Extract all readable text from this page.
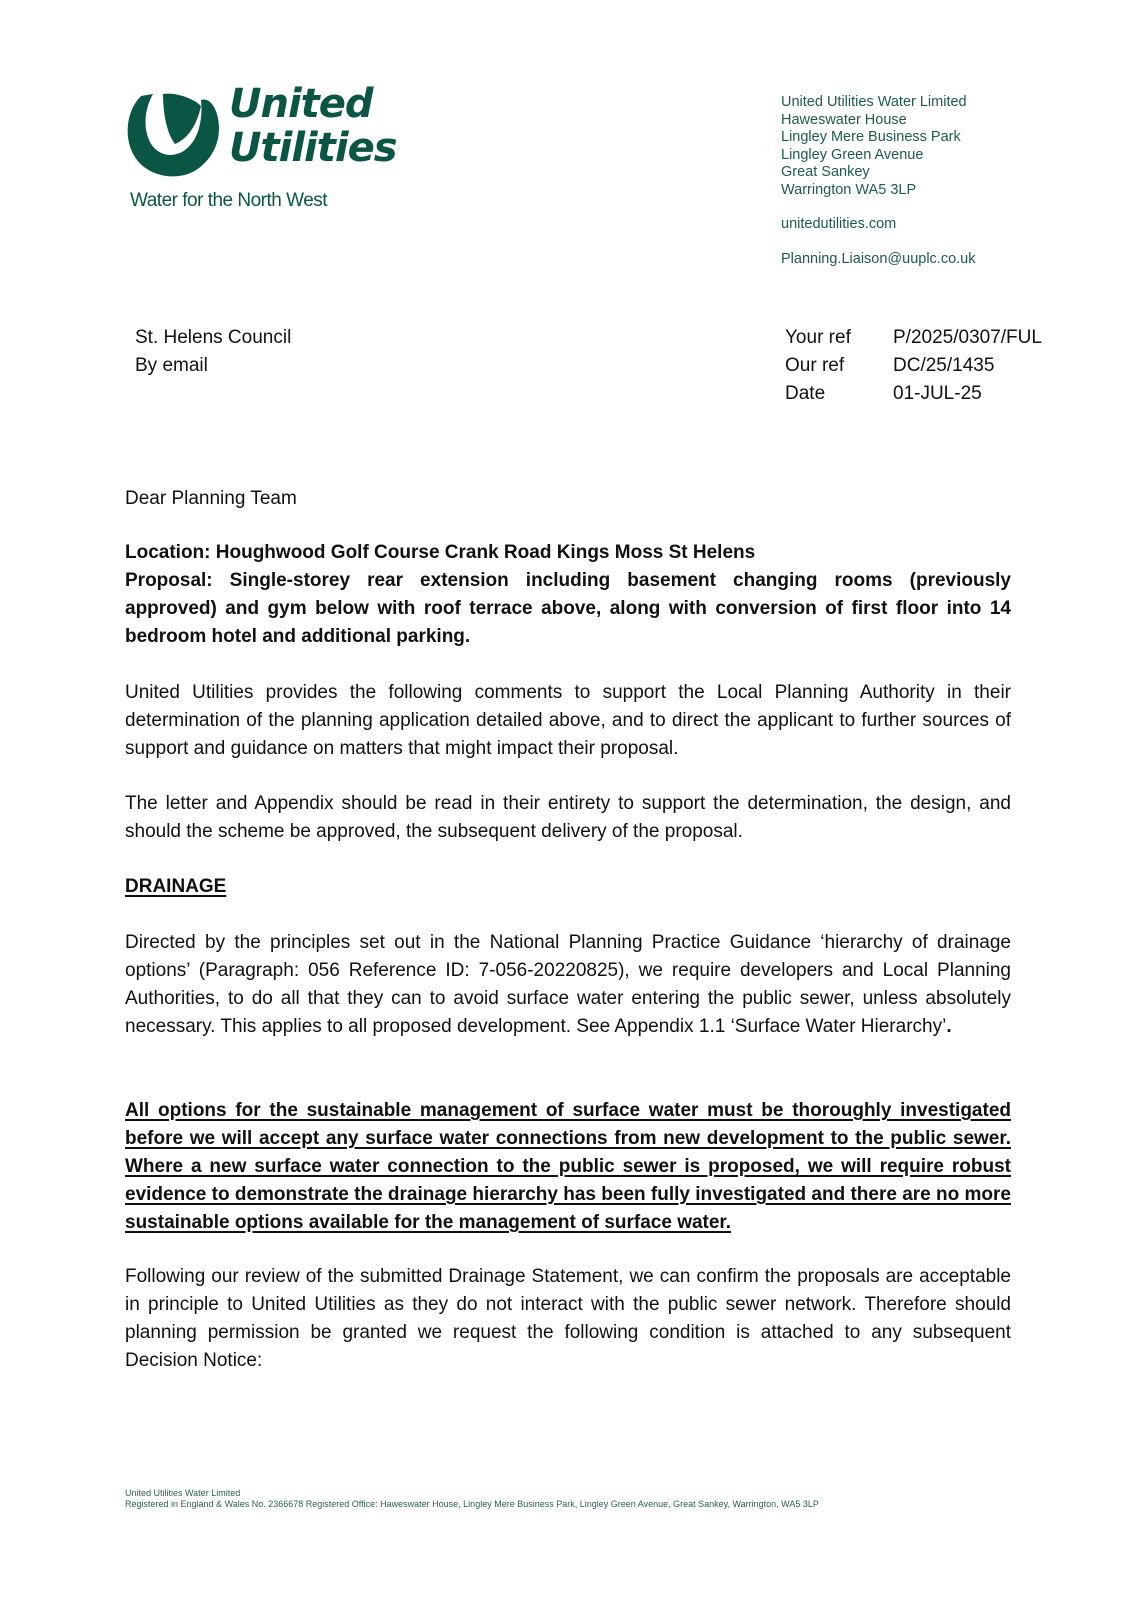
United
Utilities
Water for the North West
United Utilities Water Limited
Haweswater House
Lingley Mere Business Park
Lingley Green Avenue
Great Sankey
Warrington WA5 3LP
unitedutilities.com
Planning.Liaison@uuplc.co.uk
St. Helens Council
By email
Your ref	P/2025/0307/FUL
Our ref	DC/25/1435
Date	01-JUL-25

Dear Planning Team

Location: Houghwood Golf Course Crank Road Kings Moss St Helens

Proposal: Single-storey rear extension including basement changing rooms (previously approved) and gym below with roof terrace above, along with conversion of first floor into 14 bedroom hotel and additional parking.

United Utilities provides the following comments to support the Local Planning Authority in their determination of the planning application detailed above, and to direct the applicant to further sources of support and guidance on matters that might impact their proposal.

The letter and Appendix should be read in their entirety to support the determination, the design, and should the scheme be approved, the subsequent delivery of the proposal.

DRAINAGE

Directed by the principles set out in the National Planning Practice Guidance ‘hierarchy of drainage options’ (Paragraph: 056 Reference ID: 7-056-20220825), we require developers and Local Planning Authorities, to do all that they can to avoid surface water entering the public sewer, unless absolutely necessary. This applies to all proposed development. See Appendix 1.1 ‘Surface Water Hierarchy’.

All options for the sustainable management of surface water must be thoroughly investigated before we will accept any surface water connections from new development to the public sewer. Where a new surface water connection to the public sewer is proposed, we will require robust evidence to demonstrate the drainage hierarchy has been fully investigated and there are no more sustainable options available for the management of surface water.

Following our review of the submitted Drainage Statement, we can confirm the proposals are acceptable in principle to United Utilities as they do not interact with the public sewer network. Therefore should planning permission be granted we request the following condition is attached to any subsequent Decision Notice:

United Utilities Water Limited
Registered in England & Wales No. 2366678 Registered Office: Haweswater House, Lingley Mere Business Park, Lingley Green Avenue, Great Sankey, Warrington, WA5 3LP
